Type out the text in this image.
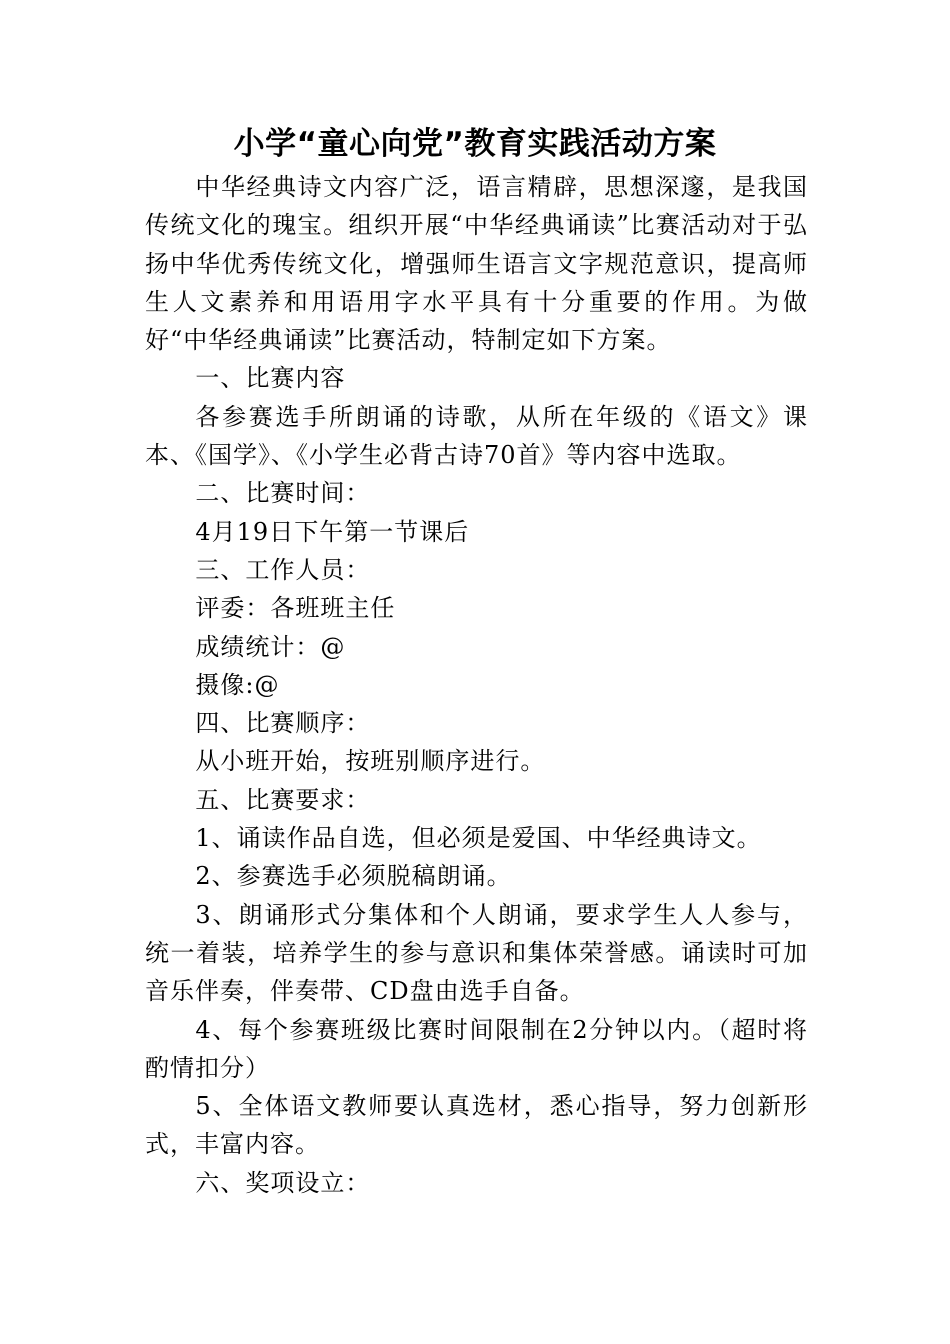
小学“童心向党”教育实践活动方案

中华经典诗文内容广泛，语言精辟，思想深邃，是我国传统文化的瑰宝。组织开展“中华经典诵读”比赛活动对于弘扬中华优秀传统文化，增强师生语言文字规范意识，提高师生人文素养和用语用字水平具有十分重要的作用。为做好“中华经典诵读”比赛活动，特制定如下方案。

一、比赛内容

各参赛选手所朗诵的诗歌，从所在年级的《语文》课本、《国学》、《小学生必背古诗70首》等内容中选取。

二、比赛时间：

4月19日下午第一节课后

三、工作人员：

评委：各班班主任

成绩统计：@

摄像:@

四、比赛顺序：

从小班开始，按班别顺序进行。

五、比赛要求：

1、诵读作品自选，但必须是爱国、中华经典诗文。

2、参赛选手必须脱稿朗诵。

3、朗诵形式分集体和个人朗诵，要求学生人人参与，统一着装，培养学生的参与意识和集体荣誉感。诵读时可加音乐伴奏，伴奏带、CD盘由选手自备。

4、每个参赛班级比赛时间限制在2分钟以内。（超时将酌情扣分）

5、全体语文教师要认真选材，悉心指导，努力创新形式，丰富内容。

六、奖项设立：
